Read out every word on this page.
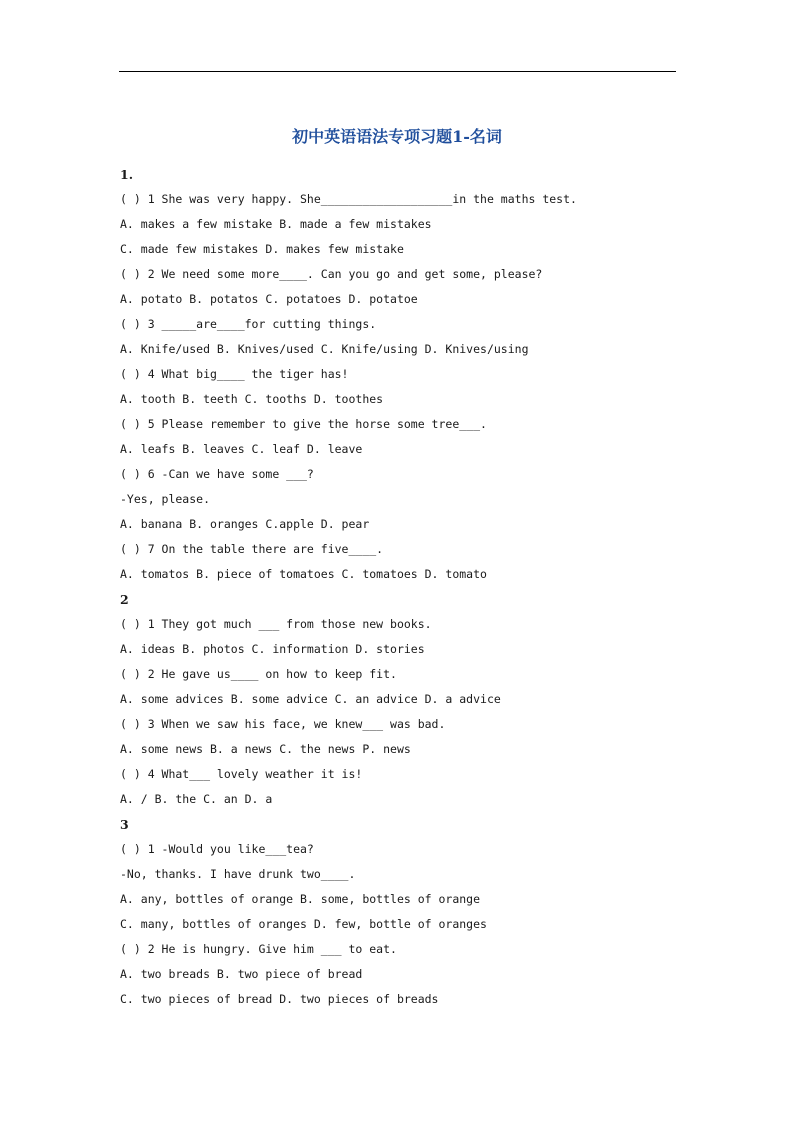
初中英语语法专项习题1-名词
1.
( ) 1 She was very happy. She___________________in the maths test.
A. makes a few mistake B. made a few mistakes
C. made few mistakes D. makes few mistake
( ) 2 We need some more____. Can you go and get some, please?
A. potato B. potatos C. potatoes D. potatoe
( ) 3 _____are____for cutting things.
A. Knife/used B. Knives/used C. Knife/using D. Knives/using
( ) 4 What big____ the tiger has!
A. tooth B. teeth C. tooths D. toothes
( ) 5 Please remember to give the horse some tree___.
A. leafs B. leaves C. leaf D. leave
( ) 6 -Can we have some ___?
-Yes, please.
A. banana B. oranges C.apple D. pear
( ) 7 On the table there are five____.
A. tomatos B. piece of tomatoes C. tomatoes D. tomato
2
( ) 1 They got much ___ from those new books.
A. ideas B. photos C. information D. stories
( ) 2 He gave us____ on how to keep fit.
A. some advices B. some advice C. an advice D. a advice
( ) 3 When we saw his face, we knew___ was bad.
A. some news B. a news C. the news P. news
( ) 4 What___ lovely weather it is!
A. / B. the C. an D. a
3
( ) 1 -Would you like___tea?
-No, thanks. I have drunk two____.
A. any, bottles of orange B. some, bottles of orange
C. many, bottles of oranges D. few, bottle of oranges
( ) 2 He is hungry. Give him ___ to eat.
A. two breads B. two piece of bread
C. two pieces of bread D. two pieces of breads
